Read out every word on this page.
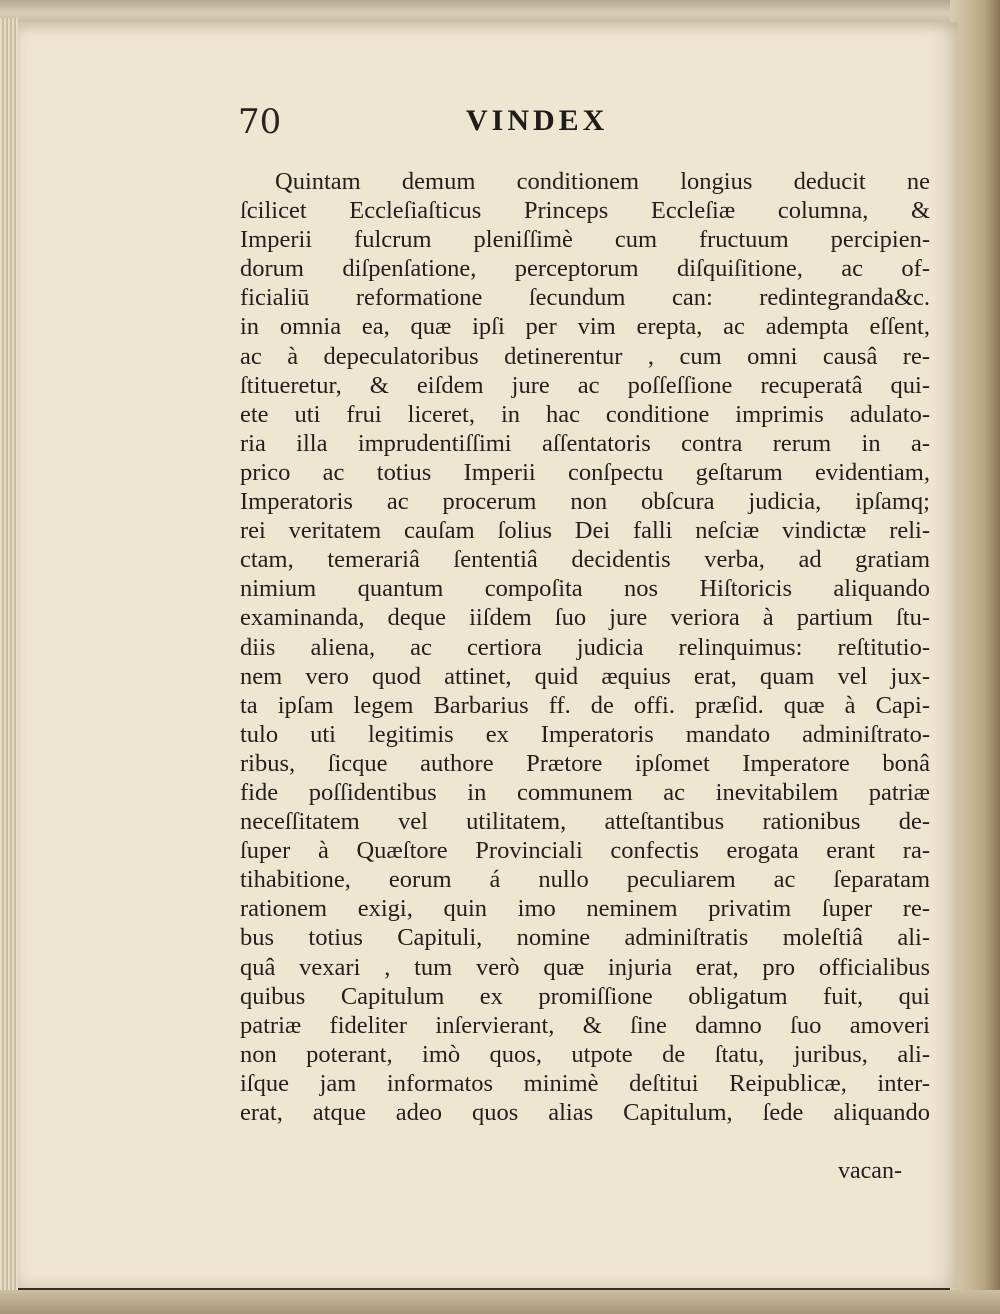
70	VINDEX
Quintam demum conditionem longius deducit ne
ſcilicet Eccleſiaſticus Princeps Eccleſiæ columna, &
Imperii fulcrum pleniſſimè cum fructuum percipien-
dorum diſpenſatione, perceptorum diſquiſitione, ac of-
ficialiū reformatione ſecundum can: redintegranda&c.
in omnia ea, quæ ipſi per vim erepta, ac adempta eſſent,
ac à depeculatoribus detinerentur , cum omni causâ re-
ſtitueretur, & eiſdem jure ac poſſeſſione recuperatâ qui-
ete uti frui liceret, in hac conditione imprimis adulato-
ria illa imprudentiſſimi aſſentatoris contra rerum in a-
prico ac totius Imperii conſpectu geſtarum evidentiam,
Imperatoris ac procerum non obſcura judicia, ipſamq;
rei veritatem cauſam ſolius Dei falli neſciæ vindictæ reli-
ctam, temerariâ ſententiâ decidentis verba, ad gratiam
nimium quantum compoſita nos Hiſtoricis aliquando
examinanda, deque iiſdem ſuo jure veriora à partium ſtu-
diis aliena, ac certiora judicia relinquimus: reſtitutio-
nem vero quod attinet, quid æquius erat, quam vel jux-
ta ipſam legem Barbarius ff. de offi. præſid. quæ à Capi-
tulo uti legitimis ex Imperatoris mandato adminiſtrato-
ribus, ſicque authore Prætore ipſomet Imperatore bonâ
fide poſſidentibus in communem ac inevitabilem patriæ
neceſſitatem vel utilitatem, atteſtantibus rationibus de-
ſuper à Quæſtore Provinciali confectis erogata erant ra-
tihabitione, eorum á nullo peculiarem ac ſeparatam
rationem exigi, quin imo neminem privatim ſuper re-
bus totius Capituli, nomine adminiſtratis moleſtiâ ali-
quâ vexari , tum verò quæ injuria erat, pro officialibus
quibus Capitulum ex promiſſione obligatum fuit, qui
patriæ fideliter inſervierant, & ſine damno ſuo amoveri
non poterant, imò quos, utpote de ſtatu, juribus, ali-
iſque jam informatos minimè deſtitui Reipublicæ, inter-
erat, atque adeo quos alias Capitulum, ſede aliquando
vacan-
